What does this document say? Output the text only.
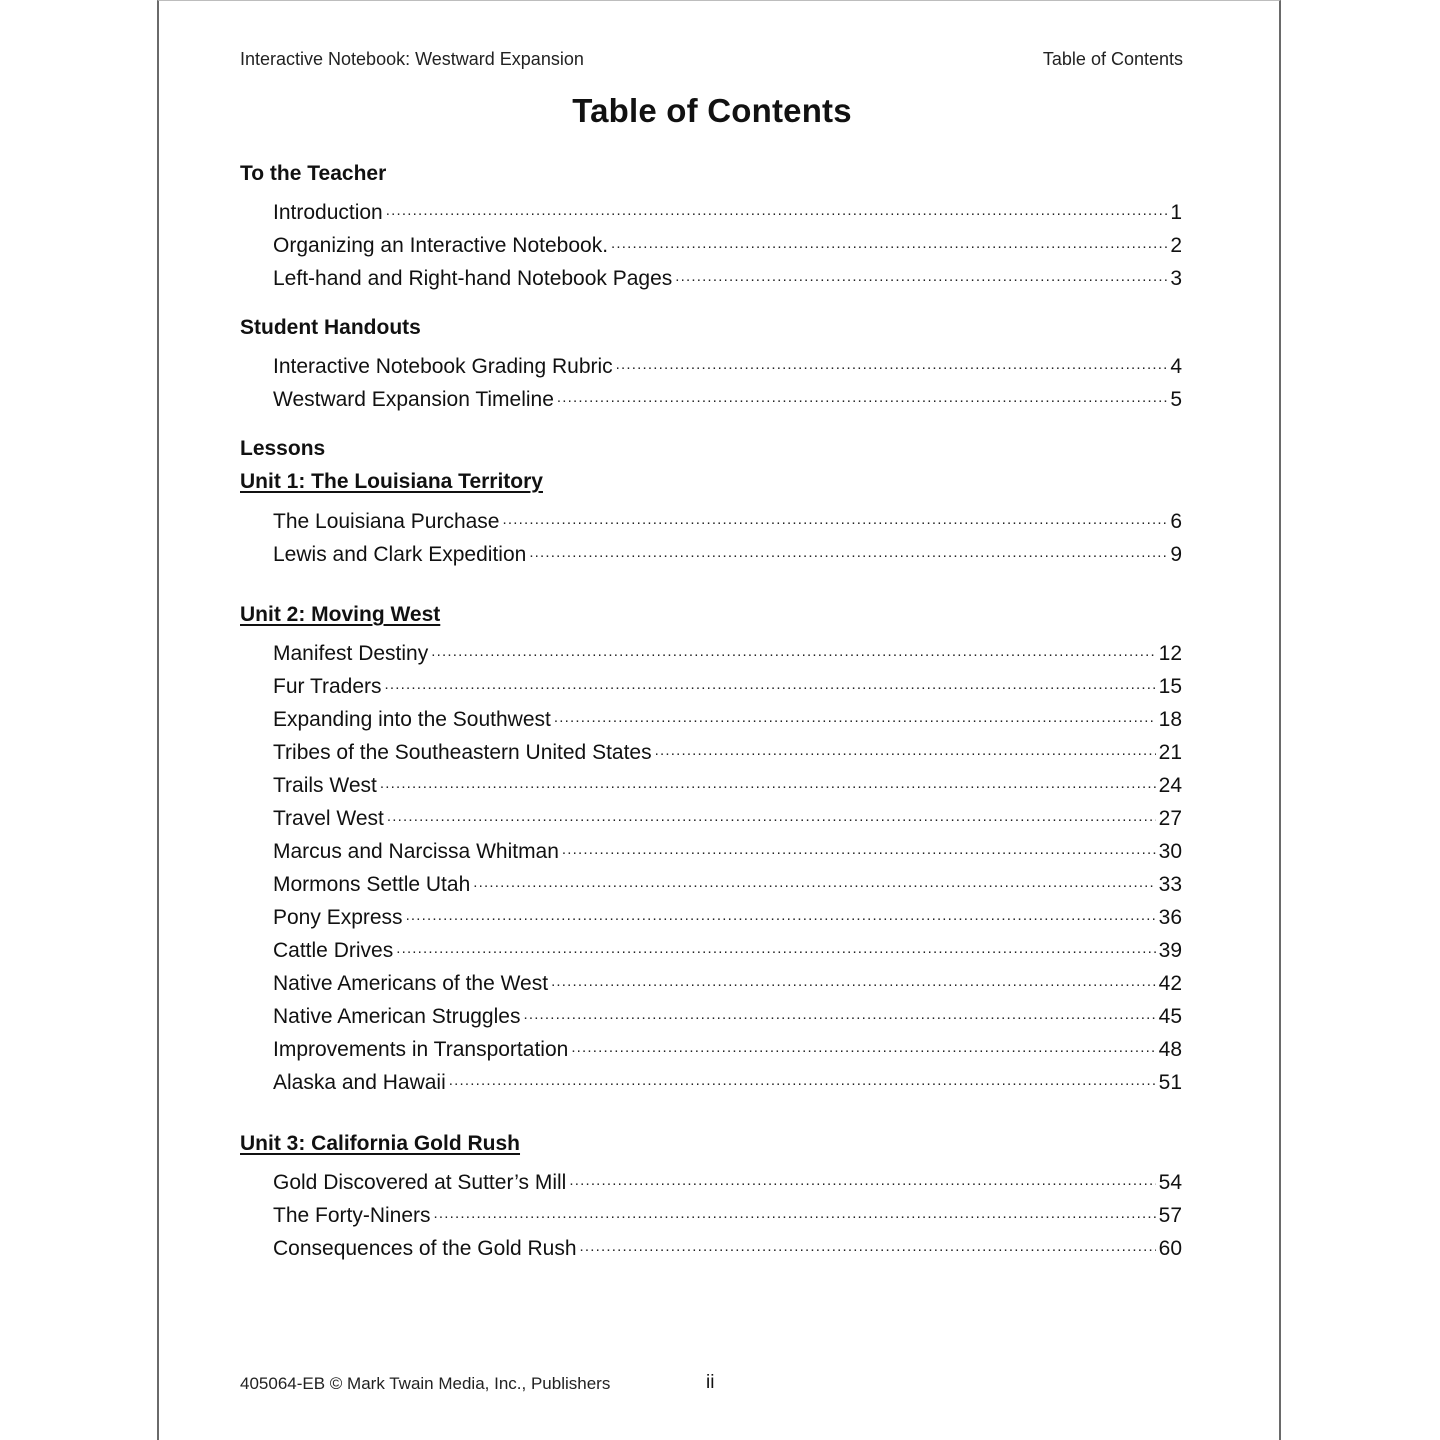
Interactive Notebook: Westward Expansion	Table of Contents
Table of Contents
To the Teacher
Introduction .....	1
Organizing an Interactive Notebook. .....	2
Left-hand and Right-hand Notebook Pages .....	3
Student Handouts
Interactive Notebook Grading Rubric .....	4
Westward Expansion Timeline .....	5
Lessons
Unit 1: The Louisiana Territory
The Louisiana Purchase .....	6
Lewis and Clark Expedition .....	9
Unit 2: Moving West
Manifest Destiny .....	12
Fur Traders .....	15
Expanding into the Southwest .....	18
Tribes of the Southeastern United States .....	21
Trails West .....	24
Travel West .....	27
Marcus and Narcissa Whitman .....	30
Mormons Settle Utah .....	33
Pony Express .....	36
Cattle Drives .....	39
Native Americans of the West .....	42
Native American Struggles .....	45
Improvements in Transportation .....	48
Alaska and Hawaii .....	51
Unit 3: California Gold Rush
Gold Discovered at Sutter’s Mill .....	54
The Forty-Niners .....	57
Consequences of the Gold Rush .....	60
405064-EB © Mark Twain Media, Inc., Publishers	ii
